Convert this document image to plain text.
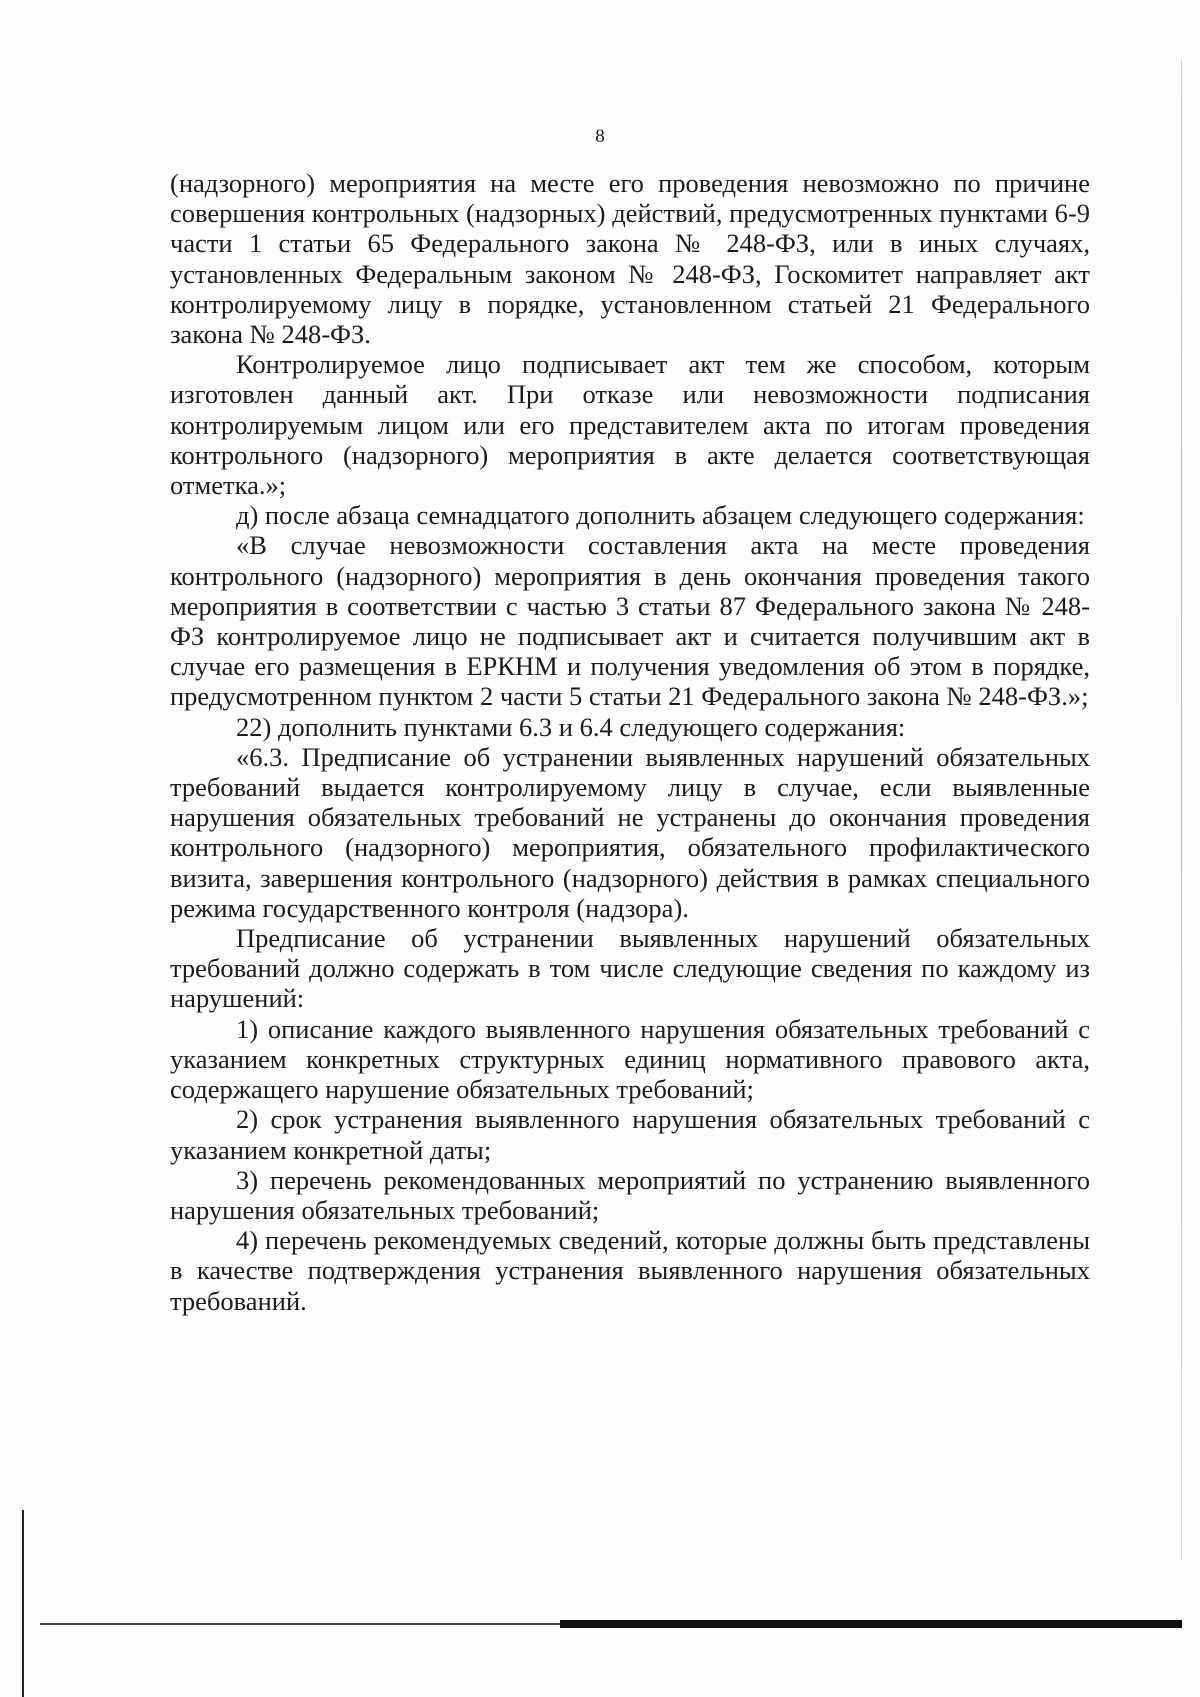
8

(надзорного) мероприятия на месте его проведения невозможно по причине совершения контрольных (надзорных) действий, предусмотренных пунктами 6-9 части 1 статьи 65 Федерального закона № 248-ФЗ, или в иных случаях, установленных Федеральным законом № 248-ФЗ, Госкомитет направляет акт контролируемому лицу в порядке, установленном статьей 21 Федерального закона № 248-ФЗ.

Контролируемое лицо подписывает акт тем же способом, которым изготовлен данный акт. При отказе или невозможности подписания контролируемым лицом или его представителем акта по итогам проведения контрольного (надзорного) мероприятия в акте делается соответствующая отметка.»;

д) после абзаца семнадцатого дополнить абзацем следующего содержания:

«В случае невозможности составления акта на месте проведения контрольного (надзорного) мероприятия в день окончания проведения такого мероприятия в соответствии с частью 3 статьи 87 Федерального закона № 248-ФЗ контролируемое лицо не подписывает акт и считается получившим акт в случае его размещения в ЕРКНМ и получения уведомления об этом в порядке, предусмотренном пунктом 2 части 5 статьи 21 Федерального закона № 248-ФЗ.»;

22) дополнить пунктами 6.3 и 6.4 следующего содержания:

«6.3. Предписание об устранении выявленных нарушений обязательных требований выдается контролируемому лицу в случае, если выявленные нарушения обязательных требований не устранены до окончания проведения контрольного (надзорного) мероприятия, обязательного профилактического визита, завершения контрольного (надзорного) действия в рамках специального режима государственного контроля (надзора).

Предписание об устранении выявленных нарушений обязательных требований должно содержать в том числе следующие сведения по каждому из нарушений:

1) описание каждого выявленного нарушения обязательных требований с указанием конкретных структурных единиц нормативного правового акта, содержащего нарушение обязательных требований;

2) срок устранения выявленного нарушения обязательных требований с указанием конкретной даты;

3) перечень рекомендованных мероприятий по устранению выявленного нарушения обязательных требований;

4) перечень рекомендуемых сведений, которые должны быть представлены в качестве подтверждения устранения выявленного нарушения обязательных требований.
